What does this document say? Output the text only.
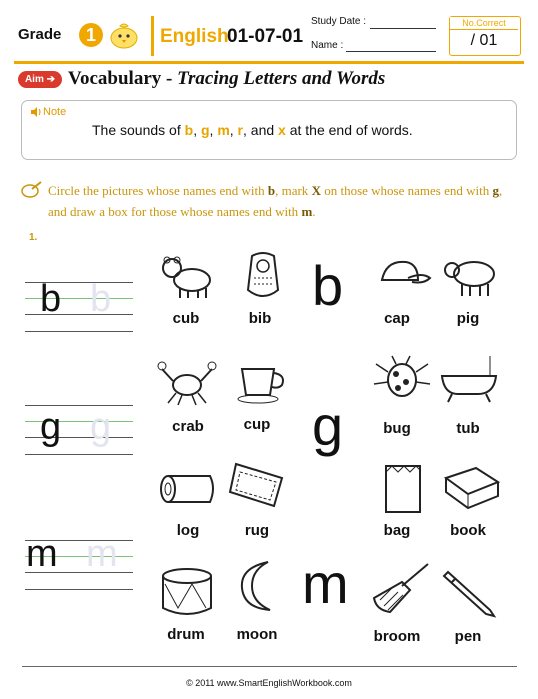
Grade	1	English
01-07-01
Study Date :
Name :
No.Correct
/ 01
Aim ➔ Vocabulary - Tracing Letters and Words
Note
The sounds of b, g, m, r, and x at the end of words.
Circle the pictures whose names end with b, mark X on those whose names end with g, and draw a box for those whose names end with m.
1.
b b
g g
m m
b
g
m
cub	bib	cap	pig
crab	cup	bug	tub
log	rug	bag	book
drum	moon	broom	pen
© 2011 www.SmartEnglishWorkbook.com
